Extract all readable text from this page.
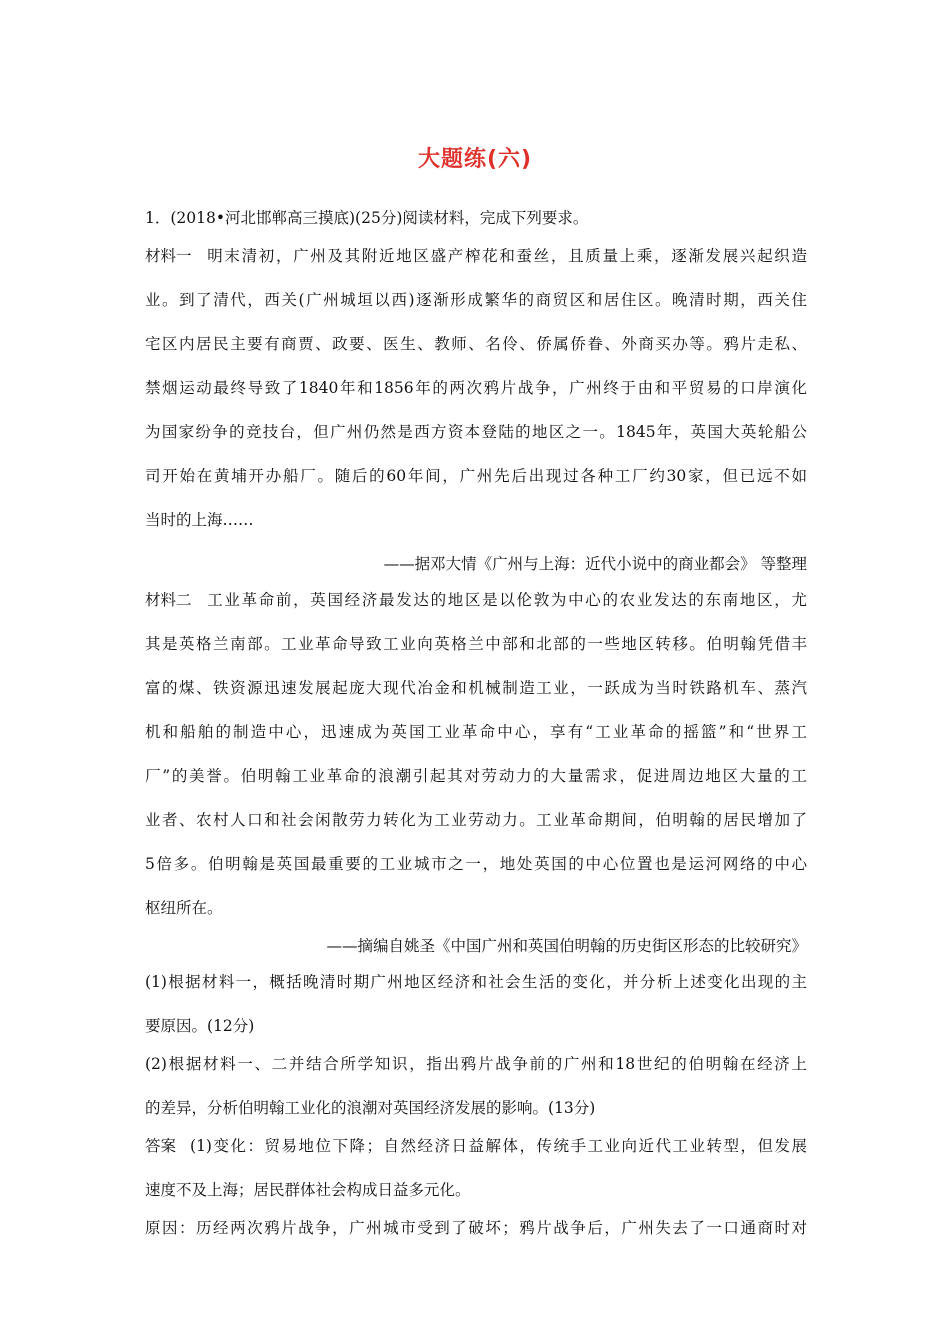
大题练(六)
1．(2018•河北邯郸高三摸底)(25分)阅读材料，完成下列要求。
材料一 明末清初，广州及其附近地区盛产榨花和蚕丝，且质量上乘，逐渐发展兴起织造
业。到了清代，西关(广州城垣以西)逐渐形成繁华的商贸区和居住区。晚清时期，西关住
宅区内居民主要有商贾、政要、医生、教师、名伶、侨属侨眷、外商买办等。鸦片走私、
禁烟运动最终导致了1840年和1856年的两次鸦片战争，广州终于由和平贸易的口岸演化
为国家纷争的竞技台，但广州仍然是西方资本登陆的地区之一。1845年，英国大英轮船公
司开始在黄埔开办船厂。随后的60年间，广州先后出现过各种工厂约30家，但已远不如
当时的上海……
——据邓大情《广州与上海：近代小说中的商业都会》 等整理
材料二 工业革命前，英国经济最发达的地区是以伦敦为中心的农业发达的东南地区，尤
其是英格兰南部。工业革命导致工业向英格兰中部和北部的一些地区转移。伯明翰凭借丰
富的煤、铁资源迅速发展起庞大现代冶金和机械制造工业，一跃成为当时铁路机车、蒸汽
机和船舶的制造中心，迅速成为英国工业革命中心，享有“工业革命的摇篮”和“世界工
厂”的美誉。伯明翰工业革命的浪潮引起其对劳动力的大量需求，促进周边地区大量的工
业者、农村人口和社会闲散劳力转化为工业劳动力。工业革命期间，伯明翰的居民增加了
5倍多。伯明翰是英国最重要的工业城市之一，地处英国的中心位置也是运河网络的中心
枢纽所在。
——摘编自姚圣《中国广州和英国伯明翰的历史街区形态的比较研究》
(1)根据材料一，概括晚清时期广州地区经济和社会生活的变化，并分析上述变化出现的主
要原因。(12分)
(2)根据材料一、二并结合所学知识，指出鸦片战争前的广州和18世纪的伯明翰在经济上
的差异，分析伯明翰工业化的浪潮对英国经济发展的影响。(13分)
答案 (1)变化：贸易地位下降；自然经济日益解体，传统手工业向近代工业转型，但发展
速度不及上海；居民群体社会构成日益多元化。
原因：历经两次鸦片战争，广州城市受到了破坏；鸦片战争后，广州失去了一口通商时对
